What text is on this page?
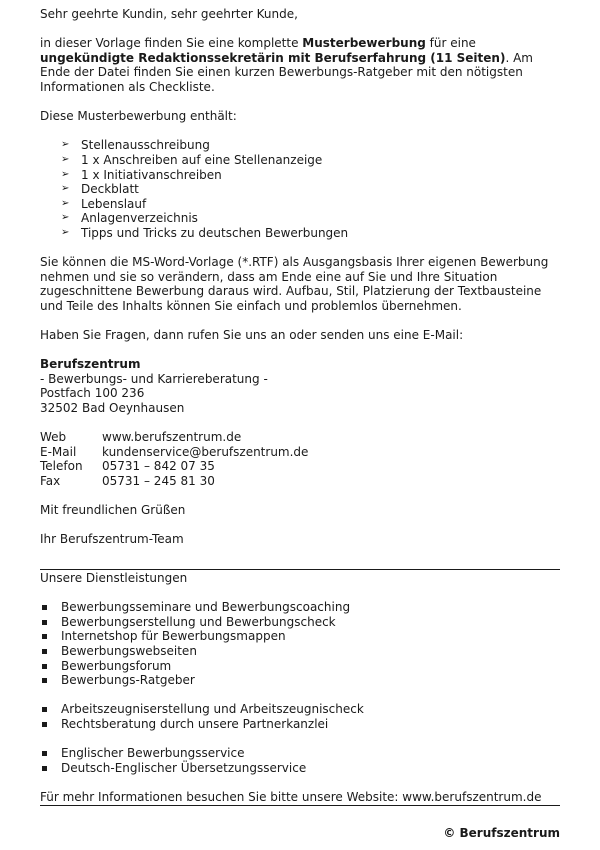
Sehr geehrte Kundin, sehr geehrter Kunde,

in dieser Vorlage finden Sie eine komplette Musterbewerbung für eine ungekündigte Redaktionssekretärin mit Berufserfahrung (11 Seiten). Am Ende der Datei finden Sie einen kurzen Bewerbungs-Ratgeber mit den nötigsten Informationen als Checkliste.

Diese Musterbewerbung enthält:

➢ Stellenausschreibung
➢ 1 x Anschreiben auf eine Stellenanzeige
➢ 1 x Initiativanschreiben
➢ Deckblatt
➢ Lebenslauf
➢ Anlagenverzeichnis
➢ Tipps und Tricks zu deutschen Bewerbungen

Sie können die MS-Word-Vorlage (*.RTF) als Ausgangsbasis Ihrer eigenen Bewerbung nehmen und sie so verändern, dass am Ende eine auf Sie und Ihre Situation zugeschnittene Bewerbung daraus wird. Aufbau, Stil, Platzierung der Textbausteine und Teile des Inhalts können Sie einfach und problemlos übernehmen.

Haben Sie Fragen, dann rufen Sie uns an oder senden uns eine E-Mail:

Berufszentrum

- Bewerbungs- und Karriereberatung -

Postfach 100 236

32502 Bad Oeynhausen

Web	www.berufszentrum.de
E-Mail	kundenservice@berufszentrum.de
Telefon	05731 – 842 07 35
Fax	05731 – 245 81 30

Mit freundlichen Grüßen

Ihr Berufszentrum-Team

Unsere Dienstleistungen

Bewerbungsseminare und Bewerbungscoaching
Bewerbungserstellung und Bewerbungscheck
Internetshop für Bewerbungsmappen
Bewerbungswebseiten
Bewerbungsforum
Bewerbungs-Ratgeber
Arbeitszeugniserstellung und Arbeitszeugnischeck
Rechtsberatung durch unsere Partnerkanzlei
Englischer Bewerbungsservice
Deutsch-Englischer Übersetzungsservice

Für mehr Informationen besuchen Sie bitte unsere Website: www.berufszentrum.de

© Berufszentrum
